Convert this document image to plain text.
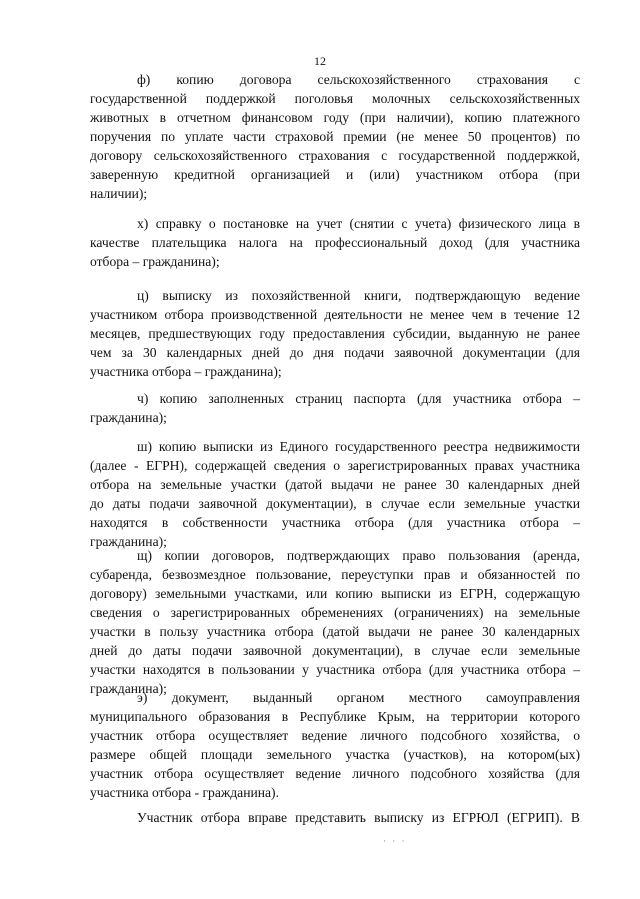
12
ф) копию договора сельскохозяйственного страхования с
государственной поддержкой поголовья молочных сельскохозяйственных
животных в отчетном финансовом году (при наличии), копию платежного
поручения по уплате части страховой премии (не менее 50 процентов) по
договору сельскохозяйственного страхования с государственной поддержкой,
заверенную кредитной организацией и (или) участником отбора (при
наличии);
х) справку о постановке на учет (снятии с учета) физического лица в
качестве плательщика налога на профессиональный доход (для участника
отбора – гражданина);
ц) выписку из похозяйственной книги, подтверждающую ведение
участником отбора производственной деятельности не менее чем в течение 12
месяцев, предшествующих году предоставления субсидии, выданную не ранее
чем за 30 календарных дней до дня подачи заявочной документации (для
участника отбора – гражданина);
ч) копию заполненных страниц паспорта (для участника отбора –
гражданина);
ш) копию выписки из Единого государственного реестра недвижимости
(далее - ЕГРН), содержащей сведения о зарегистрированных правах участника
отбора на земельные участки (датой выдачи не ранее 30 календарных дней
до даты подачи заявочной документации), в случае если земельные участки
находятся в собственности участника отбора (для участника отбора –
гражданина);
щ) копии договоров, подтверждающих право пользования (аренда,
субаренда, безвозмездное пользование, переуступки прав и обязанностей по
договору) земельными участками, или копию выписки из ЕГРН, содержащую
сведения о зарегистрированных обременениях (ограничениях) на земельные
участки в пользу участника отбора (датой выдачи не ранее 30 календарных
дней до даты подачи заявочной документации), в случае если земельные
участки находятся в пользовании у участника отбора (для участника отбора –
гражданина);
э) документ, выданный органом местного самоуправления
муниципального образования в Республике Крым, на территории которого
участник отбора осуществляет ведение личного подсобного хозяйства, о
размере общей площади земельного участка (участков), на котором(ых)
участник отбора осуществляет ведение личного подсобного хозяйства (для
участника отбора - гражданина).
Участник отбора вправе представить выписку из ЕГРЮЛ (ЕГРИП). В
· · ·
